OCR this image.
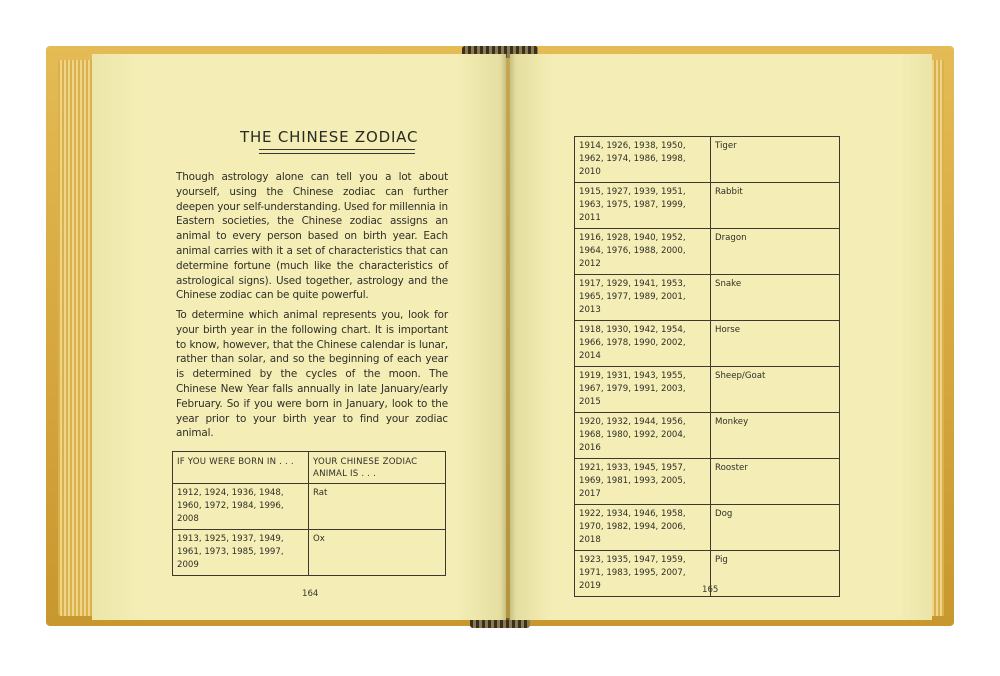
THE CHINESE ZODIAC

Though astrology alone can tell you a lot about yourself, using the Chinese zodiac can further deepen your self-understanding. Used for millennia in Eastern societies, the Chinese zodiac assigns an animal to every person based on birth year. Each animal carries with it a set of characteristics that can determine fortune (much like the characteristics of astrological signs). Used together, astrology and the Chinese zodiac can be quite powerful.

To determine which animal represents you, look for your birth year in the following chart. It is important to know, however, that the Chinese calendar is lunar, rather than solar, and so the beginning of each year is determined by the cycles of the moon. The Chinese New Year falls annually in late January/early February. So if you were born in January, look to the year prior to your birth year to find your zodiac animal.

IF YOU WERE BORN IN . . .	YOUR CHINESE ZODIAC ANIMAL IS . . .
1912, 1924, 1936, 1948, 1960, 1972, 1984, 1996, 2008	Rat
1913, 1925, 1937, 1949, 1961, 1973, 1985, 1997, 2009	Ox
164
1914, 1926, 1938, 1950, 1962, 1974, 1986, 1998, 2010	Tiger
1915, 1927, 1939, 1951, 1963, 1975, 1987, 1999, 2011	Rabbit
1916, 1928, 1940, 1952, 1964, 1976, 1988, 2000, 2012	Dragon
1917, 1929, 1941, 1953, 1965, 1977, 1989, 2001, 2013	Snake
1918, 1930, 1942, 1954, 1966, 1978, 1990, 2002, 2014	Horse
1919, 1931, 1943, 1955, 1967, 1979, 1991, 2003, 2015	Sheep/Goat
1920, 1932, 1944, 1956, 1968, 1980, 1992, 2004, 2016	Monkey
1921, 1933, 1945, 1957, 1969, 1981, 1993, 2005, 2017	Rooster
1922, 1934, 1946, 1958, 1970, 1982, 1994, 2006, 2018	Dog
1923, 1935, 1947, 1959, 1971, 1983, 1995, 2007, 2019	Pig
165
